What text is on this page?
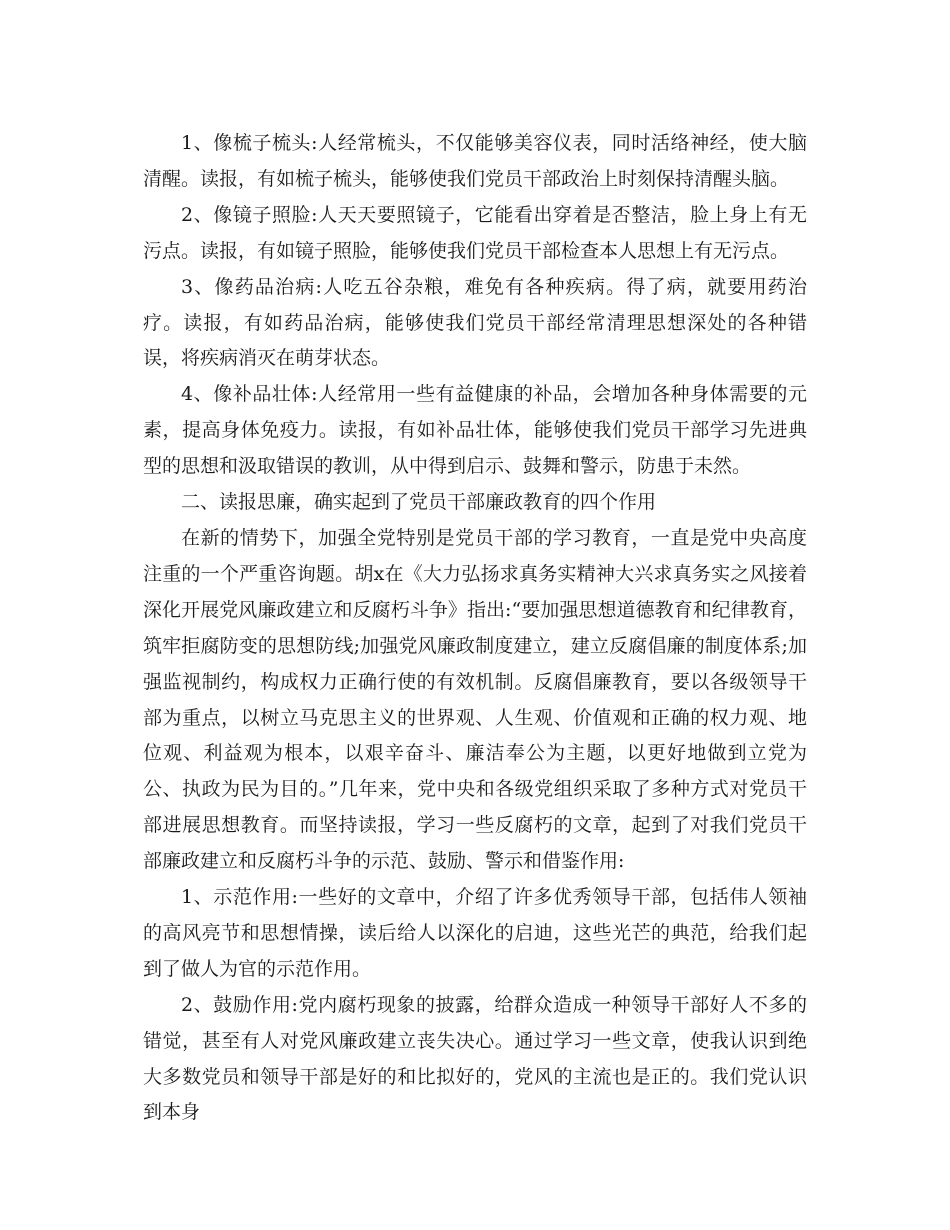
1、像梳子梳头:人经常梳头，不仅能够美容仪表，同时活络神经，使大脑清醒。读报，有如梳子梳头，能够使我们党员干部政治上时刻保持清醒头脑。

2、像镜子照脸:人天天要照镜子，它能看出穿着是否整洁，脸上身上有无污点。读报，有如镜子照脸，能够使我们党员干部检查本人思想上有无污点。

3、像药品治病:人吃五谷杂粮，难免有各种疾病。得了病，就要用药治疗。读报，有如药品治病，能够使我们党员干部经常清理思想深处的各种错误，将疾病消灭在萌芽状态。

4、像补品壮体:人经常用一些有益健康的补品，会增加各种身体需要的元素，提高身体免疫力。读报，有如补品壮体，能够使我们党员干部学习先进典型的思想和汲取错误的教训，从中得到启示、鼓舞和警示，防患于未然。

二、读报思廉，确实起到了党员干部廉政教育的四个作用

在新的情势下，加强全党特别是党员干部的学习教育，一直是党中央高度注重的一个严重咨询题。胡x在《大力弘扬求真务实精神大兴求真务实之风接着深化开展党风廉政建立和反腐朽斗争》指出:“要加强思想道德教育和纪律教育，筑牢拒腐防变的思想防线;加强党风廉政制度建立，建立反腐倡廉的制度体系;加强监视制约，构成权力正确行使的有效机制。反腐倡廉教育，要以各级领导干部为重点，以树立马克思主义的世界观、人生观、价值观和正确的权力观、地位观、利益观为根本，以艰辛奋斗、廉洁奉公为主题，以更好地做到立党为公、执政为民为目的。”几年来，党中央和各级党组织采取了多种方式对党员干部进展思想教育。而坚持读报，学习一些反腐朽的文章，起到了对我们党员干部廉政建立和反腐朽斗争的示范、鼓励、警示和借鉴作用:

1、示范作用:一些好的文章中，介绍了许多优秀领导干部，包括伟人领袖的高风亮节和思想情操，读后给人以深化的启迪，这些光芒的典范，给我们起到了做人为官的示范作用。

2、鼓励作用:党内腐朽现象的披露，给群众造成一种领导干部好人不多的错觉，甚至有人对党风廉政建立丧失决心。通过学习一些文章，使我认识到绝大多数党员和领导干部是好的和比拟好的，党风的主流也是正的。我们党认识到本身
